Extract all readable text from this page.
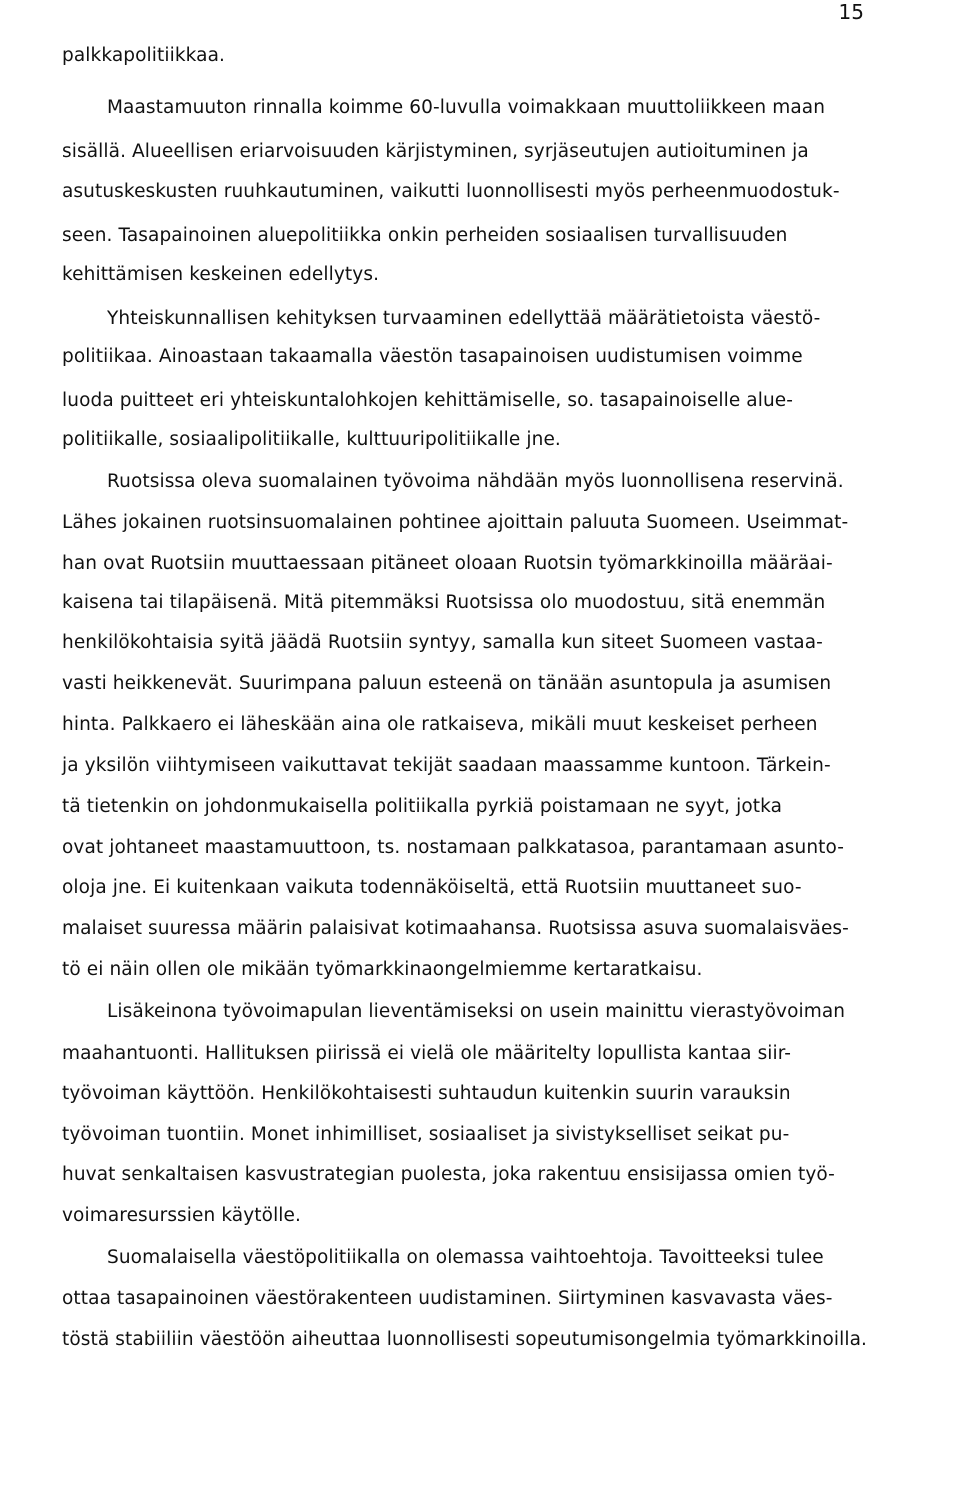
15
palkkapolitiikkaa.
Maastamuuton rinnalla koimme 60-luvulla voimakkaan muuttoliikkeen maan
sisällä. Alueellisen eriarvoisuuden kärjistyminen, syrjäseutujen autioituminen ja
asutuskeskusten ruuhkautuminen, vaikutti luonnollisesti myös perheenmuodostuk-
seen. Tasapainoinen aluepolitiikka onkin perheiden sosiaalisen turvallisuuden
kehittämisen keskeinen edellytys.
Yhteiskunnallisen kehityksen turvaaminen edellyttää määrätietoista väestö-
politiikaa. Ainoastaan takaamalla väestön tasapainoisen uudistumisen voimme
luoda puitteet eri yhteiskuntalohkojen kehittämiselle, so. tasapainoiselle alue-
politiikalle, sosiaalipolitiikalle, kulttuuripolitiikalle jne.
Ruotsissa oleva suomalainen työvoima nähdään myös luonnollisena reservinä.
Lähes jokainen ruotsinsuomalainen pohtinee ajoittain paluuta Suomeen. Useimmat-
han ovat Ruotsiin muuttaessaan pitäneet oloaan Ruotsin työmarkkinoilla määräai-
kaisena tai tilapäisenä. Mitä pitemmäksi Ruotsissa olo muodostuu, sitä enemmän
henkilökohtaisia syitä jäädä Ruotsiin syntyy, samalla kun siteet Suomeen vastaa-
vasti heikkenevät. Suurimpana paluun esteenä on tänään asuntopula ja asumisen
hinta. Palkkaero ei läheskään aina ole ratkaiseva, mikäli muut keskeiset perheen
ja yksilön viihtymiseen vaikuttavat tekijät saadaan maassamme kuntoon. Tärkein-
tä tietenkin on johdonmukaisella politiikalla pyrkiä poistamaan ne syyt, jotka
ovat johtaneet maastamuuttoon, ts. nostamaan palkkatasoa, parantamaan asunto-
oloja jne. Ei kuitenkaan vaikuta todennäköiseltä, että Ruotsiin muuttaneet suo-
malaiset suuressa määrin palaisivat kotimaahansa. Ruotsissa asuva suomalaisväes-
tö ei näin ollen ole mikään työmarkkinaongelmiemme kertaratkaisu.
Lisäkeinona työvoimapulan lieventämiseksi on usein mainittu vierastyövoiman
maahantuonti. Hallituksen piirissä ei vielä ole määritelty lopullista kantaa siir-
työvoiman käyttöön. Henkilökohtaisesti suhtaudun kuitenkin suurin varauksin
työvoiman tuontiin. Monet inhimilliset, sosiaaliset ja sivistykselliset seikat pu-
huvat senkaltaisen kasvustrategian puolesta, joka rakentuu ensisijassa omien työ-
voimaresurssien käytölle.
Suomalaisella väestöpolitiikalla on olemassa vaihtoehtoja. Tavoitteeksi tulee
ottaa tasapainoinen väestörakenteen uudistaminen. Siirtyminen kasvavasta väes-
töstä stabiiliin väestöön aiheuttaa luonnollisesti sopeutumisongelmia työmarkkinoilla.
